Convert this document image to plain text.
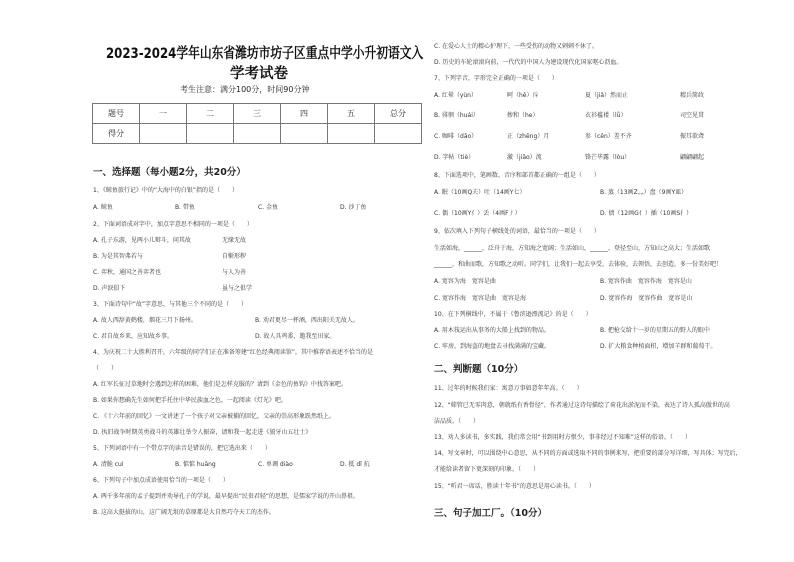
2023-2024学年山东省潍坊市坊子区重点中学小升初语文入
学考试卷
考生注意：满分100分，时间90分钟
题号	一	二	三	四	五	总分
得分						
一、选择题（每小题2分，共20分）
1、《鲸鱼旅行记》中的“大海中的白银”指的是（　　）
A. 鲸鱼	B. 带鱼	C. 金鱼	D. 沙丁鱼
2、下面词语成对字中，加点字意思不相同的一项是（　　）
A. 孔子东游，见两小儿辩斗，问其故	无缘无故
B. 为是其智弗若与	自惭形秽
C. 弈秋，通国之善弈者也	与人为善
D. 声淚俱下	虽与之俱学
3、下面诗句中“故”字意思，与其他三个不同的是（　　）
A. 故人西辞黄鹤楼，烟花三月下扬州。	B. 劝君更尽一杯酒，西出阳关无故人。
C. 君自故乡来，应知故乡事。	D. 故人具鸡黍，邀我至田家。
4、为庆祝二十大胜利召开，六年级的同学们正在准备筹建“红色经典阅读馆”，其中推荐语表述不恰当的是
（　　）
A. 红军长征过草地时会遇到怎样的困难，他们是怎样克服的？请到《金色的鱼钩》中找答案吧。
B. 如果你想确先生如何把手托住中华民族血之色，一起阅读《灯光》吧。
C. 《十六年前的回忆》一文讲述了一个孩子对父亲被捕的回忆，父亲的崇高形象跃然纸上。
D. 执旧战争时期英勇战斗的英雄壮举令人振奋，请和我一起走进《狼牙山五壮士》
5、下列词语中有一个带点字的读音是错误的，把它选出来（　　）
A. 清脆 cuì	B. 惦惦 huāng	C. 单调 diào	D. 抵 dǐ 抗
6、下列句子中加点成语使用恰当的一项是（　　）
A. 两千多年前的孟子提到并劝导孔子的学说，最早提出“民贵君轻”的思想，是儒家学说的开山鼻祖。
B. 这高大挺拔的山，这广阔无垠的草原都是大自然巧夺天工的杰作。
C. 在爱心人士的精心护理下，一些受伤的动物又刺刺不休了。
D. 历史的车轮滚滚向前，一代代的中国人为建设现代化国家呕心沥血。
7、下列字音，字形完全正确的一项是（　　）
A. 红晕（yùn）	呵（hē）斥	夏（jiǎ）然而止	精兵简政
B. 徘徊（huái）	掺和（he）	衣衫褴褛（lǚ）	司空见贯
C. 咖啡（dāo）	正（zhēng）月	参（cēn）差不齐	振耳欲聋
D. 字帖（tiè）	激（jiāo）流	锋芒毕露（lòu）	翩翩翩起
8、下面选项中，笔画数、音序和部首都正确的一组是（　　）
A. 眠（10画Q夫）吐（14画Y七）	B. 蒸（13画Z灬）盘（9画Y皿）
C. 偶（10画Y亻）丢（4画F丿）	D. 债（12画G亻）插（10画S扌）
9、依次填入下列句子横线处的词语，最恰当的一项是（　　）
生活如海，______，泛舟于海，方知海之宽阔；生活如山，______，登径至山，方知山之高大；生活如歌
______，和曲而歌，方知歌之动听。同学们，让我们一起去享受，去体验，去领悟，去创造，多一份美好吧！
A. 宽容为海　宽容是曲	B. 宽容作曲　宽容作海　宽容是山
C. 宽容作海　宽容是曲　宽容是海	D. 宽容作海　宽容作曲　宽容是山
10、在下列横线中，不属于《鲁滨逊漂流记》的是（　　）
A. 用木筏运出从事务的大船上找到的物品。	B. 把枪交给十一岁的星期五的野人的眼中
C. 牢房，到海盗的地盘去寻找满满的宝藏。	D. 扩大粮食种植面积，增加羊群和葡萄干。
二、判断题（10分）
11、过年的时候我们家：寓意万事如意年年高。（　　）
12、“筛管已无零肉意，朝就纸有香骨径”，作者通过这诗句描绘了荷花出淤泥而不染，表达了诗人孤高傲世的高
洁品质。（　　）
13、劝人多读书，多实践，我们常会用“书到用时方恨少，事非经过不知难”这样的俗语。（　　）
14、写文章时，可以围绕中心意思，从不同的方面或选取不同的事例来写，把重要的部分写详细，写具体；写完后，
才能给读者留下更深刻的印象。（　　）
15、“听君一席话，胜读十年书”的意思是用心读书。（　　）
三、句子加工厂。（10分）
